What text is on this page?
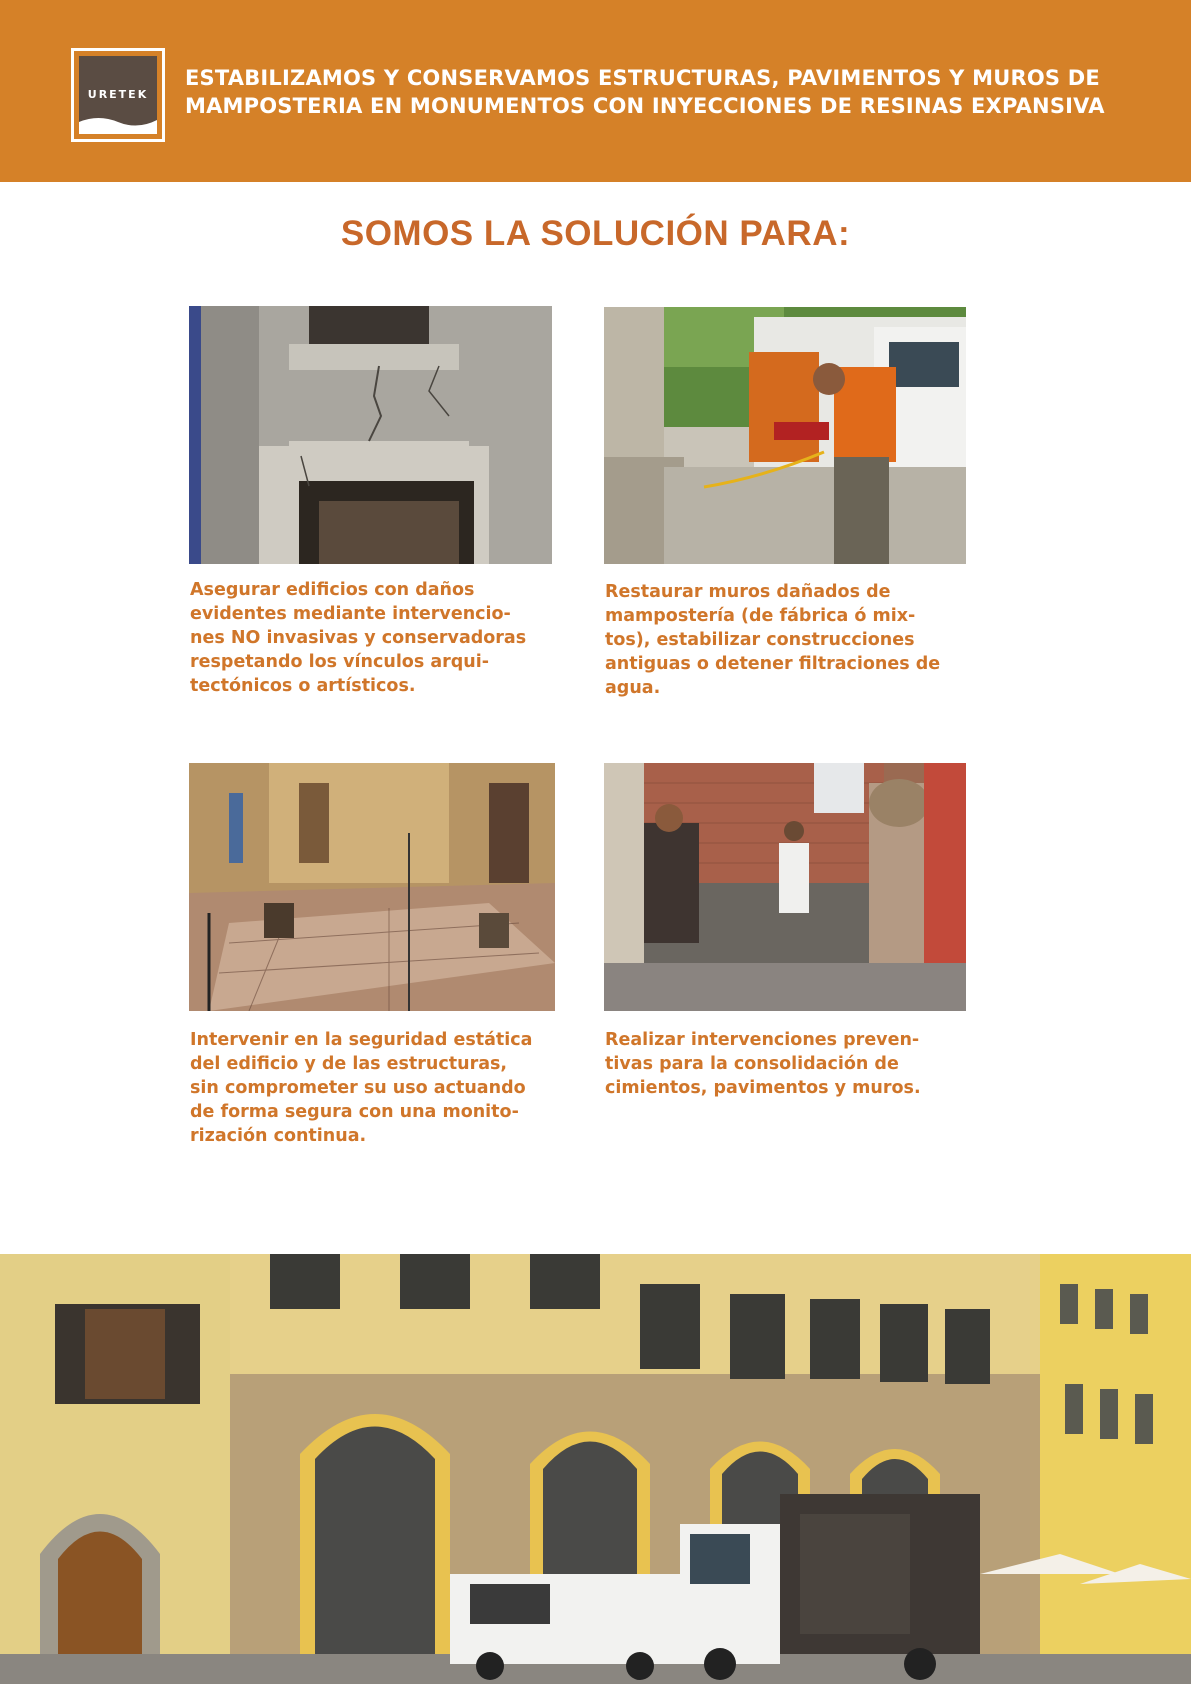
URETEK
ESTABILIZAMOS Y CONSERVAMOS ESTRUCTURAS, PAVIMENTOS Y MUROS DE
MAMPOSTERIA EN MONUMENTOS CON INYECCIONES DE RESINAS EXPANSIVA
SOMOS LA SOLUCIÓN PARA:
Asegurar edificios con daños
evidentes mediante intervencio-
nes NO invasivas y conservadoras
respetando los vínculos arqui-
tectónicos o artísticos.
Restaurar muros dañados de
mampostería (de fábrica ó mix-
tos), estabilizar construcciones
antiguas o detener filtraciones de
agua.
Intervenir en la seguridad estática
del edificio y de las estructuras,
sin comprometer su uso actuando
de forma segura con una monito-
rización continua.
Realizar intervenciones preven-
tivas para la consolidación de
cimientos, pavimentos y muros.
